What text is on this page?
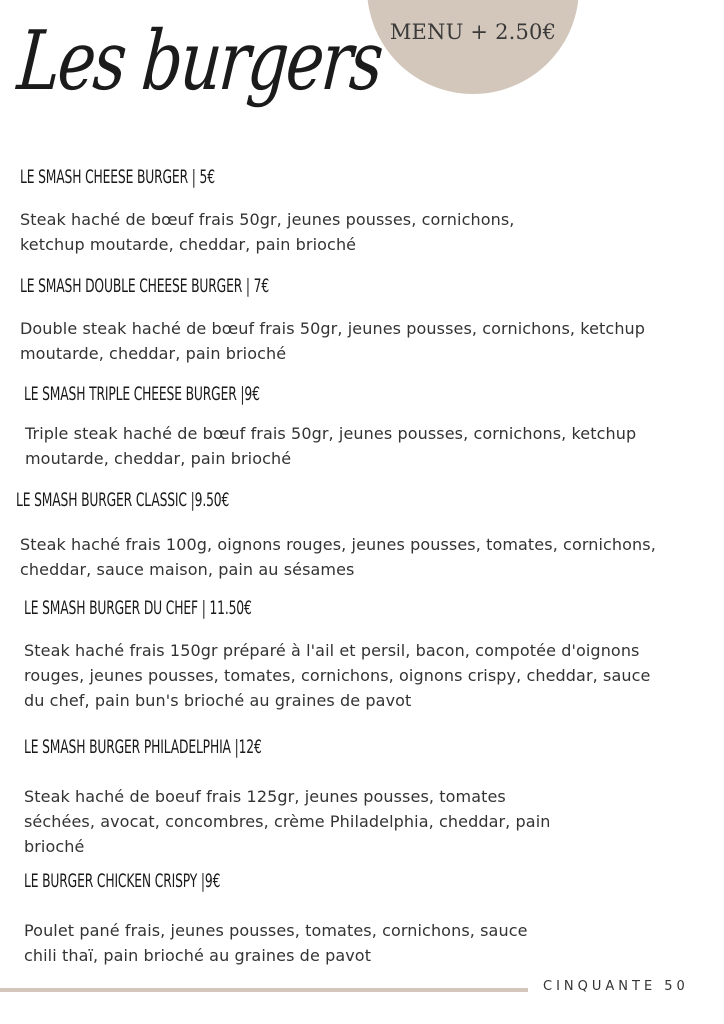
MENU + 2.50€
Les burgers
LE SMASH CHEESE BURGER | 5€
Steak haché de bœuf frais 50gr, jeunes pousses, cornichons,
ketchup moutarde, cheddar, pain brioché
LE SMASH DOUBLE CHEESE BURGER | 7€
Double steak haché de bœuf frais 50gr, jeunes pousses, cornichons, ketchup
moutarde, cheddar, pain brioché
LE SMASH TRIPLE CHEESE BURGER |9€
Triple steak haché de bœuf frais 50gr, jeunes pousses, cornichons, ketchup
moutarde, cheddar, pain brioché
LE SMASH BURGER CLASSIC |9.50€
Steak haché frais 100g, oignons rouges, jeunes pousses, tomates, cornichons,
cheddar, sauce maison, pain au sésames
LE SMASH BURGER DU CHEF | 11.50€
Steak haché frais 150gr préparé à l'ail et persil, bacon, compotée d'oignons
rouges, jeunes pousses, tomates, cornichons, oignons crispy, cheddar, sauce
du chef, pain bun's brioché au graines de pavot
LE SMASH BURGER PHILADELPHIA |12€
Steak haché de boeuf frais 125gr, jeunes pousses, tomates
séchées, avocat, concombres, crème Philadelphia, cheddar, pain
brioché
LE BURGER CHICKEN CRISPY |9€
Poulet pané frais, jeunes pousses, tomates, cornichons, sauce
chili thaï, pain brioché au graines de pavot
CINQUANTE 50
